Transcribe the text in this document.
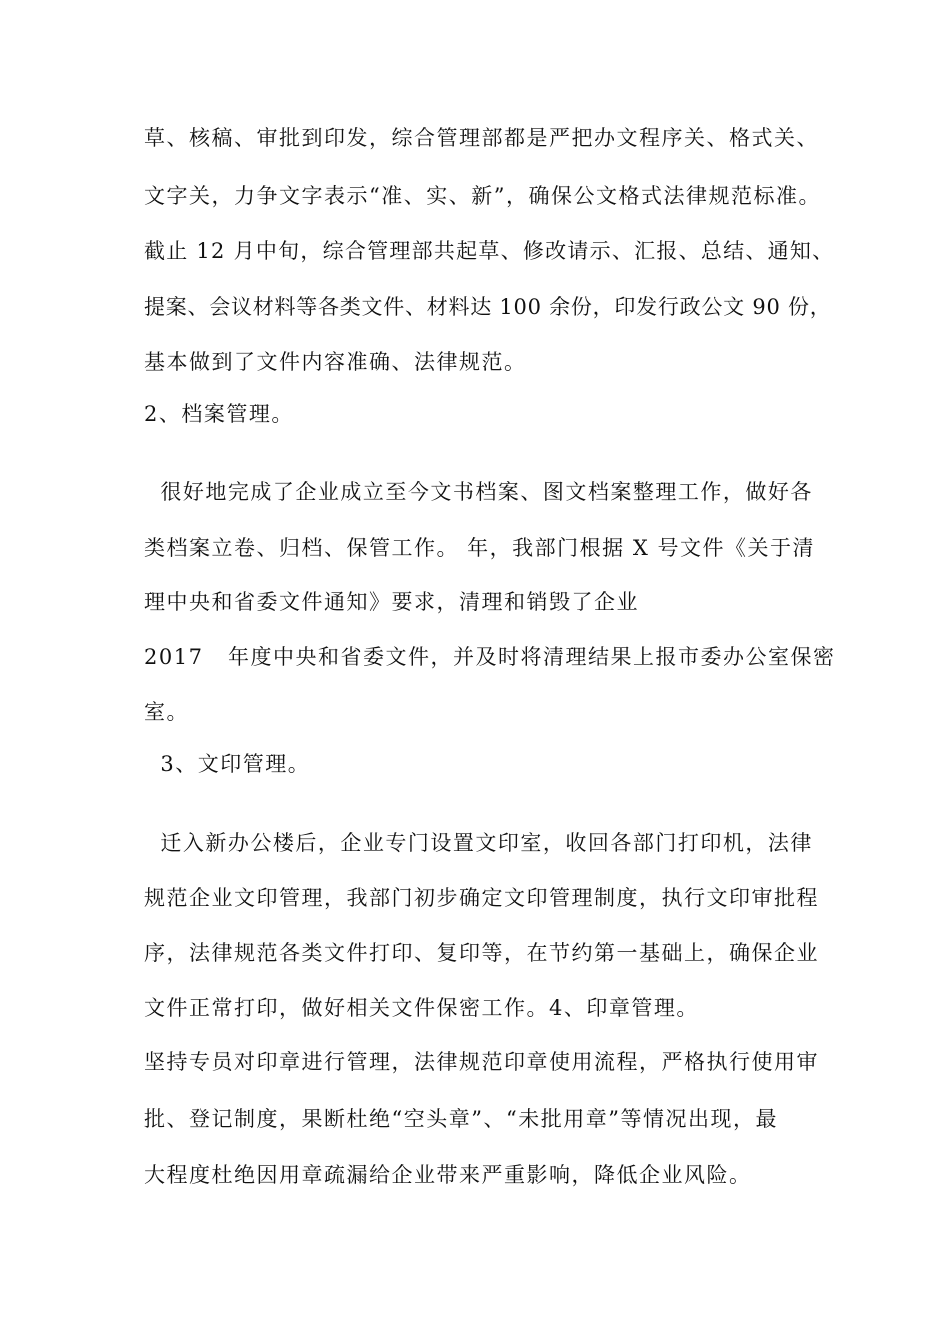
草、核稿、审批到印发，综合管理部都是严把办文程序关、格式关、
文字关，力争文字表示“准、实、新”，确保公文格式法律规范标准。
截止 12 月中旬，综合管理部共起草、修改请示、汇报、总结、通知、
提案、会议材料等各类文件、材料达 100 余份，印发行政公文 90 份，
基本做到了文件内容准确、法律规范。
2、档案管理。
很好地完成了企业成立至今文书档案、图文档案整理工作，做好各
类档案立卷、归档、保管工作。 年，我部门根据 X 号文件《关于清
理中央和省委文件通知》要求，清理和销毁了企业
2017   年度中央和省委文件，并及时将清理结果上报市委办公室保密
室。
3、文印管理。
迁入新办公楼后，企业专门设置文印室，收回各部门打印机，法律
规范企业文印管理，我部门初步确定文印管理制度，执行文印审批程
序，法律规范各类文件打印、复印等，在节约第一基础上，确保企业
文件正常打印，做好相关文件保密工作。4、印章管理。
坚持专员对印章进行管理，法律规范印章使用流程，严格执行使用审
批、登记制度，果断杜绝“空头章”、“未批用章”等情况出现，最
大程度杜绝因用章疏漏给企业带来严重影响，降低企业风险。
